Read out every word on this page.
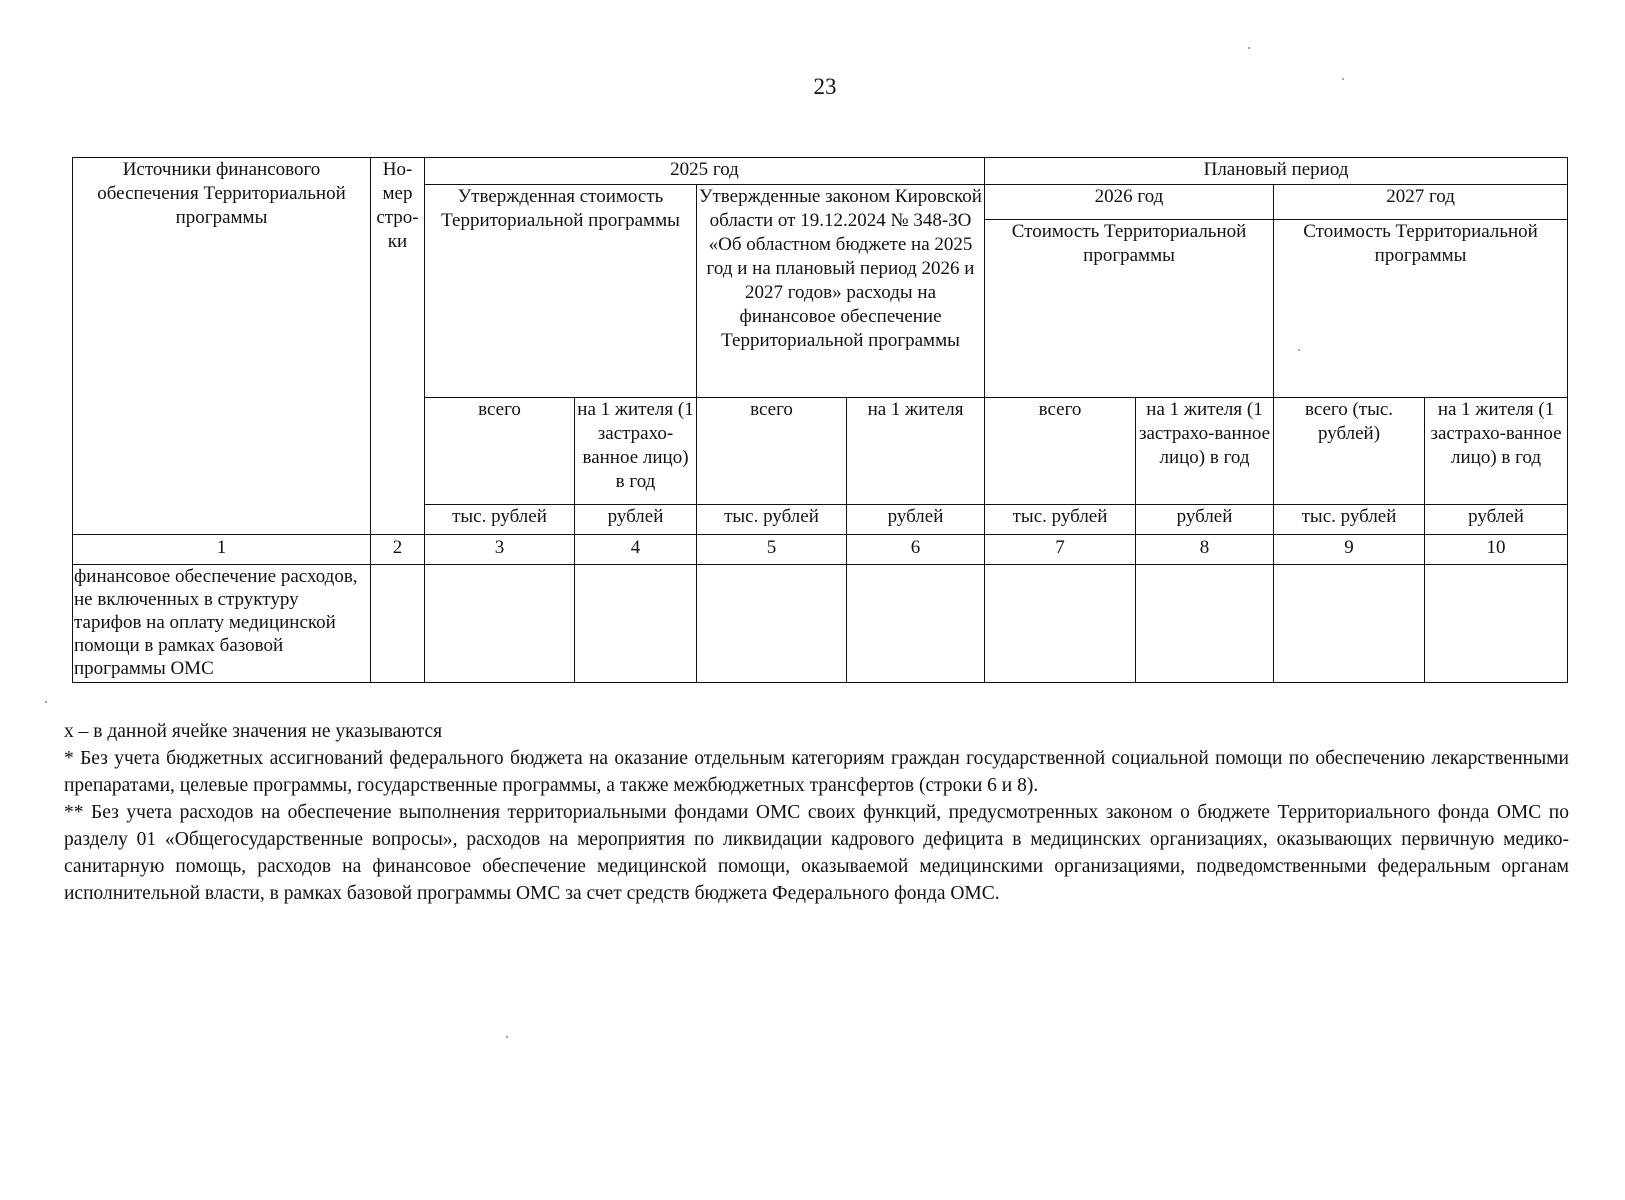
23
Источники финансового обеспечения Территориальной программы	Но-мер стро-ки	2025 год				Плановый период			
		Утвержденная стоимость Территориальной программы		Утвержденные законом Кировской области от 19.12.2024 № 348-ЗО «Об областном бюджете на 2025 год и на плановый период 2026 и 2027 годов» расходы на финансовое обеспечение Территориальной программы		2026 год		2027 год	
						Стоимость Территориальной программы		Стоимость Территориальной программы	
		всего	на 1 жителя (1 застрахо-ванное лицо) в год	всего	на 1 жителя	всего	на 1 жителя (1 застрахо-ванное лицо) в год	всего (тыс. рублей)	на 1 жителя (1 застрахо-ванное лицо) в год
		тыс. рублей	рублей	тыс. рублей	рублей	тыс. рублей	рублей	тыс. рублей	рублей
1	2	3	4	5	6	7	8	9	10
финансовое обеспечение расходов, не включенных в структуру тарифов на оплату медицинской помощи в рамках базовой программы ОМС									

х – в данной ячейке значения не указываются

* Без учета бюджетных ассигнований федерального бюджета на оказание отдельным категориям граждан государственной социальной помощи по обеспечению лекарственными препаратами, целевые программы, государственные программы, а также межбюджетных трансфертов (строки 6 и 8).

** Без учета расходов на обеспечение выполнения территориальными фондами ОМС своих функций, предусмотренных законом о бюджете Территориального фонда ОМС по разделу 01 «Общегосударственные вопросы», расходов на мероприятия по ликвидации кадрового дефицита в медицинских организациях, оказывающих первичную медико-санитарную помощь, расходов на финансовое обеспечение медицинской помощи, оказываемой медицинскими организациями, подведомственными федеральным органам исполнительной власти, в рамках базовой программы ОМС за счет средств бюджета Федерального фонда ОМС.
